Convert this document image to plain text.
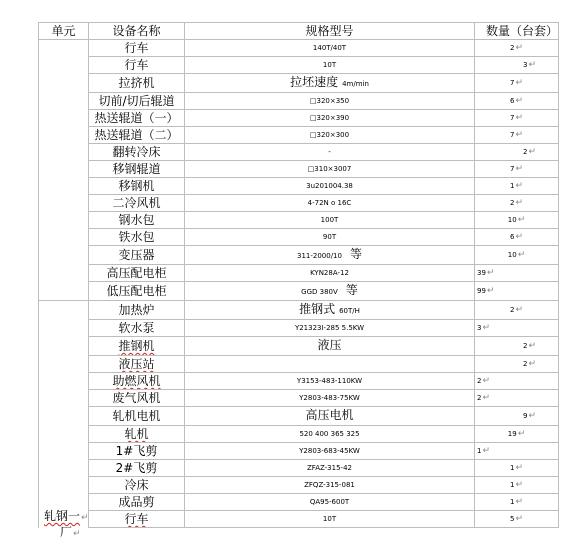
单元	设备名称	规格型号	数量（台套）
	行车	140T/40T	2↵
	行车	10T	3↵
	拉挤机	拉坯速度 4m/min	7↵
	切前/切后辊道	□320×350	6↵
	热送辊道（一）	□320×390	7↵
	热送辊道（二）	□320×300	7↵
	翻转冷床	-	2↵
	移钢辊道	□310×3007	7↵
	移钢机	3u201004.38	1↵
	二冷风机	4-72N o 16C	2↵
	钢水包	100T	10↵
	铁水包	90T	6↵
	变压器	311-2000/10 等	10↵
	高压配电柜	KYN28A-12	39↵
	低压配电柜	GGD 380V 等	99↵
	加热炉	推钢式 60T/H	2↵
	软水泵	Y21323I-285 5.5KW	3↵
	推钢机	液压	2↵
	液压站		2↵
	助燃风机	Y3153-483-110KW	2↵
	废气风机	Y2803-483-75KW	2↵
	轧机电机	高压电机	9↵
	轧机	520 400 365 325	19↵
	1#飞剪	Y2803-683-45KW	1↵
	2#飞剪	ZFAZ-315-42	1↵
	冷床	ZFQZ-315-081	1↵
	成品剪	QA95-600T	1↵
	行车	10T	5↵
轧钢一↵
厂↵
